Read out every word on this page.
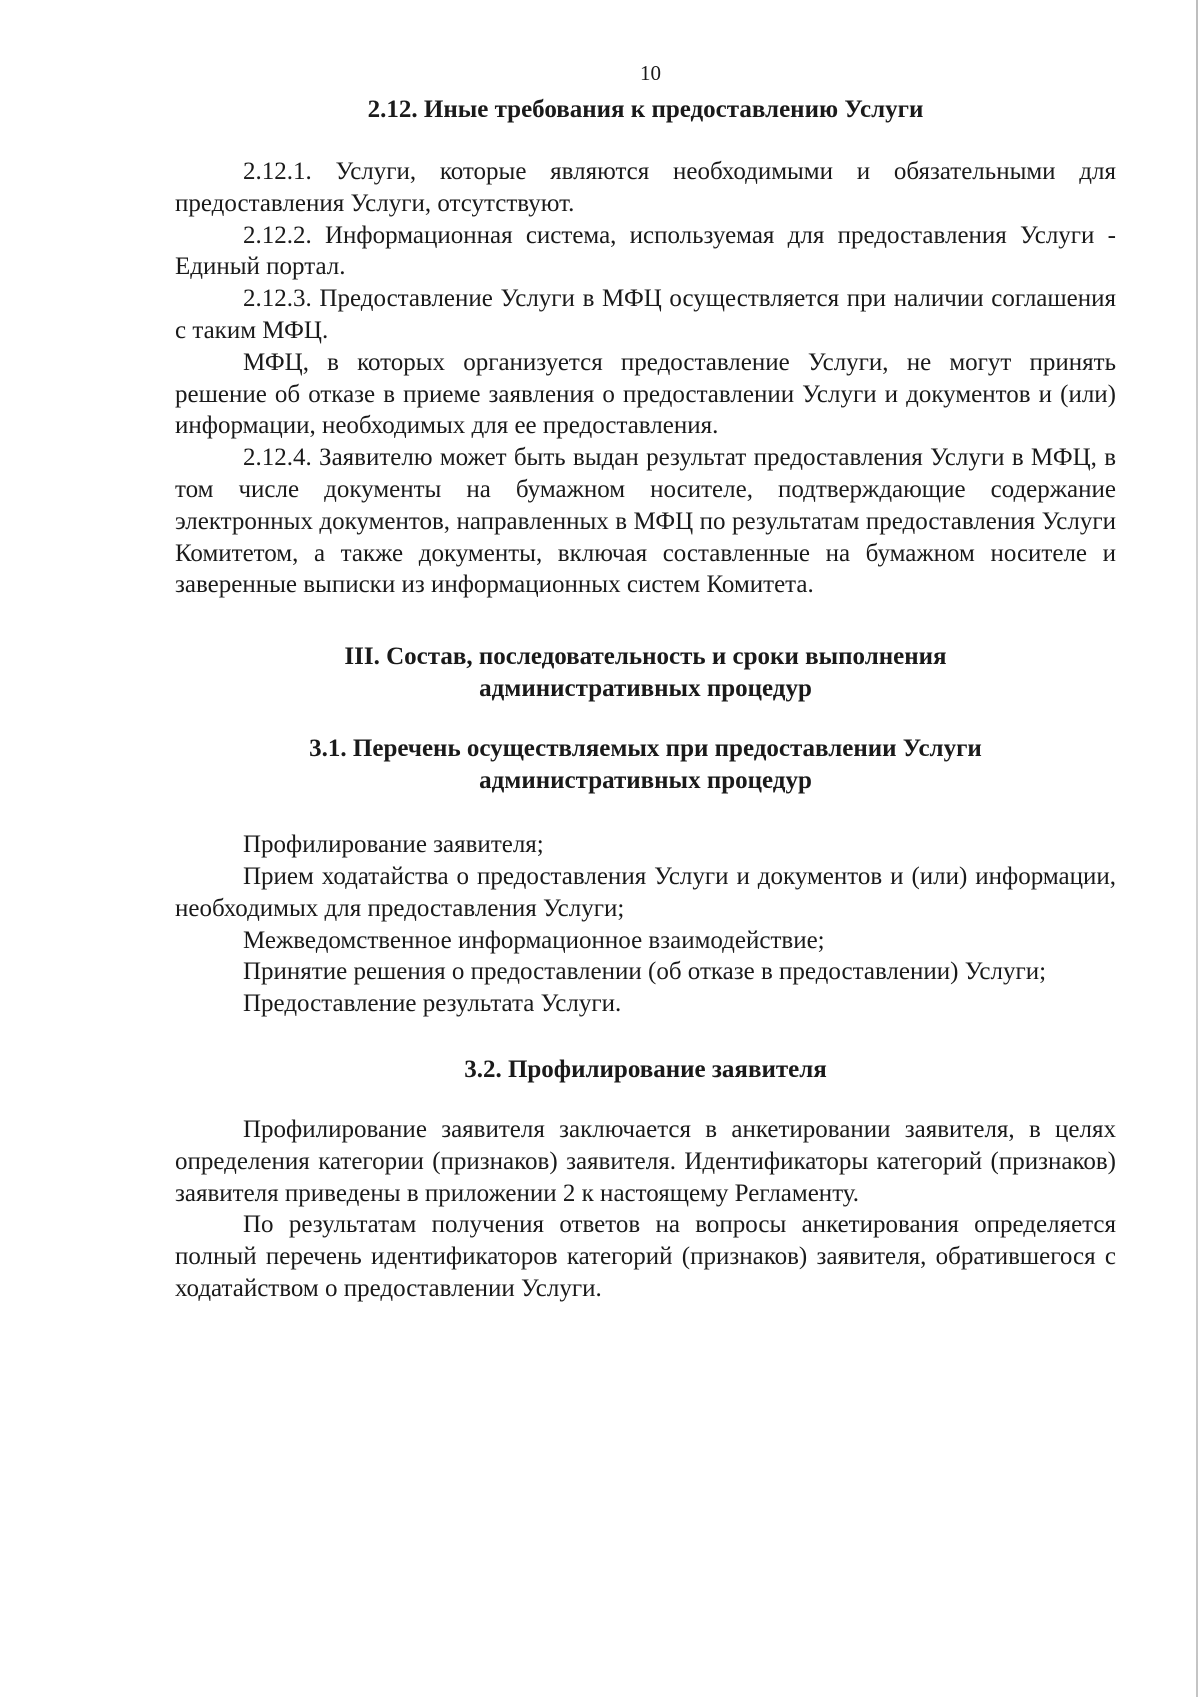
10

2.12. Иные требования к предоставлению Услуги

2.12.1. Услуги, которые являются необходимыми и обязательными для предоставления Услуги, отсутствуют.

2.12.2. Информационная система, используемая для предоставления Услуги - Единый портал.

2.12.3. Предоставление Услуги в МФЦ осуществляется при наличии соглашения с таким МФЦ.

МФЦ, в которых организуется предоставление Услуги, не могут принять решение об отказе в приеме заявления о предоставлении Услуги и документов и (или) информации, необходимых для ее предоставления.

2.12.4. Заявителю может быть выдан результат предоставления Услуги в МФЦ, в том числе документы на бумажном носителе, подтверждающие содержание электронных документов, направленных в МФЦ по результатам предоставления Услуги Комитетом, а также документы, включая составленные на бумажном носителе и заверенные выписки из информационных систем Комитета.

III. Состав, последовательность и сроки выполнения
административных процедур
3.1. Перечень осуществляемых при предоставлении Услуги
административных процедур

Профилирование заявителя;

Прием ходатайства о предоставления Услуги и документов и (или) информации, необходимых для предоставления Услуги;

Межведомственное информационное взаимодействие;

Принятие решения о предоставлении (об отказе в предоставлении) Услуги;

Предоставление результата Услуги.

3.2. Профилирование заявителя

Профилирование заявителя заключается в анкетировании заявителя, в целях определения категории (признаков) заявителя. Идентификаторы категорий (признаков) заявителя приведены в приложении 2 к настоящему Регламенту.

По результатам получения ответов на вопросы анкетирования определяется полный перечень идентификаторов категорий (признаков) заявителя, обратившегося с ходатайством о предоставлении Услуги.
